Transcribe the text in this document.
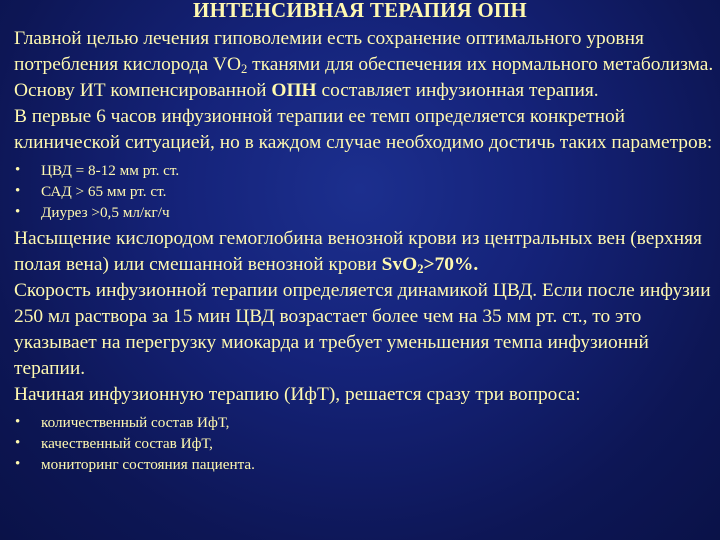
ИНТЕНСИВНАЯ ТЕРАПИЯ ОПН

Главной целью лечения гиповолемии есть сохранение оптимального уровня потребления кислорода $VO_2$ тканями для обеспечения их нормального метаболизма.

Основу ИТ компенсированной ОПН составляет инфузионная терапия.

В первые 6 часов инфузионной терапии ее темп определяется конкретной клинической ситуацией, но в каждом случае необходимо достичь таких параметров:

• ЦВД = 8-12 мм рт. ст.
• САД > 65 мм рт. ст.
• Диурез >0,5 мл/кг/ч

Насыщение кислородом гемоглобина венозной крови из центральных вен (верхняя полая вена) или смешанной венозной крови SvO$_2$>70%.

Скорость инфузионной терапии определяется динамикой ЦВД. Если после инфузии 250 мл раствора за 15 мин ЦВД возрастает более чем на 35 мм рт. ст., то это указывает на перегрузку миокарда и требует уменьшения темпа инфузионнй терапии.

Начиная инфузионную терапию (ИфТ), решается сразу три вопроса:

• количественный состав ИфТ,
• качественный состав ИфТ,
• мониторинг состояния пациента.
